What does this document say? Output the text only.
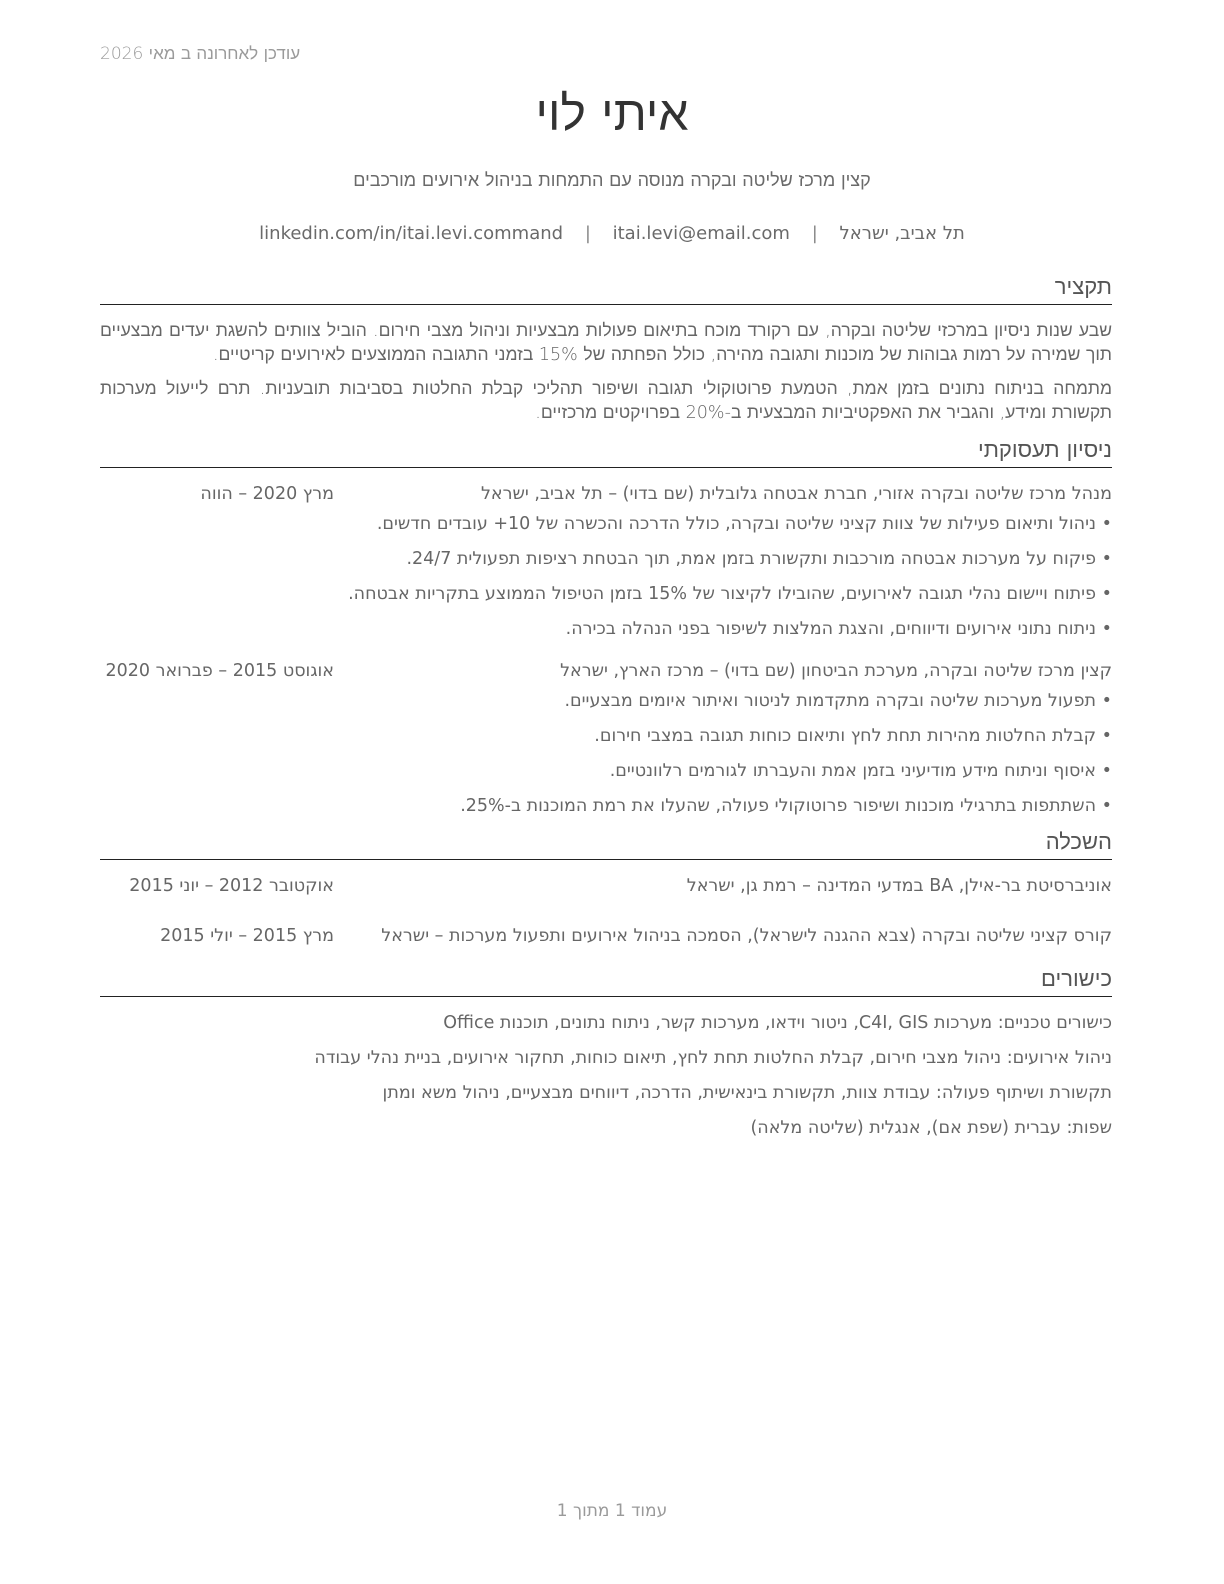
עודכן לאחרונה ב מאי 2026
איתי לוי
קצין מרכז שליטה ובקרה מנוסה עם התמחות בניהול אירועים מורכבים
תל אביב, ישראל | itai.levi@email.com | linkedin.com/in/itai.levi.command
תקציר

שבע שנות ניסיון במרכזי שליטה ובקרה, עם רקורד מוכח בתיאום פעולות מבצעיות וניהול מצבי חירום. הוביל צוותים להשגת יעדים מבצעיים תוך שמירה על רמות גבוהות של מוכנות ותגובה מהירה, כולל הפחתה של 15% בזמני התגובה הממוצעים לאירועים קריטיים.

מתמחה בניתוח נתונים בזמן אמת, הטמעת פרוטוקולי תגובה ושיפור תהליכי קבלת החלטות בסביבות תובעניות. תרם לייעול מערכות תקשורת ומידע, והגביר את האפקטיביות המבצעית ב-20% בפרויקטים מרכזיים.

ניסיון תעסוקתי
מנהל מרכז שליטה ובקרה אזורי, חברת אבטחה גלובלית (שם בדוי) – תל אביב, ישראל
מרץ 2020 – הווה
•
ניהול ותיאום פעילות של צוות קציני שליטה ובקרה, כולל הדרכה והכשרה של 10+ עובדים חדשים.
•
פיקוח על מערכות אבטחה מורכבות ותקשורת בזמן אמת, תוך הבטחת רציפות תפעולית 24/7.
•
פיתוח ויישום נהלי תגובה לאירועים, שהובילו לקיצור של 15% בזמן הטיפול הממוצע בתקריות אבטחה.
•
ניתוח נתוני אירועים ודיווחים, והצגת המלצות לשיפור בפני הנהלה בכירה.
קצין מרכז שליטה ובקרה, מערכת הביטחון (שם בדוי) – מרכז הארץ, ישראל
אוגוסט 2015 – פברואר 2020
•
תפעול מערכות שליטה ובקרה מתקדמות לניטור ואיתור איומים מבצעיים.
•
קבלת החלטות מהירות תחת לחץ ותיאום כוחות תגובה במצבי חירום.
•
איסוף וניתוח מידע מודיעיני בזמן אמת והעברתו לגורמים רלוונטיים.
•
השתתפות בתרגילי מוכנות ושיפור פרוטוקולי פעולה, שהעלו את רמת המוכנות ב-25%.
השכלה
אוניברסיטת בר-אילן, BA במדעי המדינה – רמת גן, ישראל
אוקטובר 2012 – יוני 2015
קורס קציני שליטה ובקרה (צבא ההגנה לישראל), הסמכה בניהול אירועים ותפעול מערכות – ישראל
מרץ 2015 – יולי 2015
כישורים
כישורים טכניים: מערכות C4I, GIS, ניטור וידאו, מערכות קשר, ניתוח נתונים, תוכנות Office
ניהול אירועים: ניהול מצבי חירום, קבלת החלטות תחת לחץ, תיאום כוחות, תחקור אירועים, בניית נהלי עבודה
תקשורת ושיתוף פעולה: עבודת צוות, תקשורת בינאישית, הדרכה, דיווחים מבצעיים, ניהול משא ומתן
שפות: עברית (שפת אם), אנגלית (שליטה מלאה)
עמוד 1 מתוך 1
